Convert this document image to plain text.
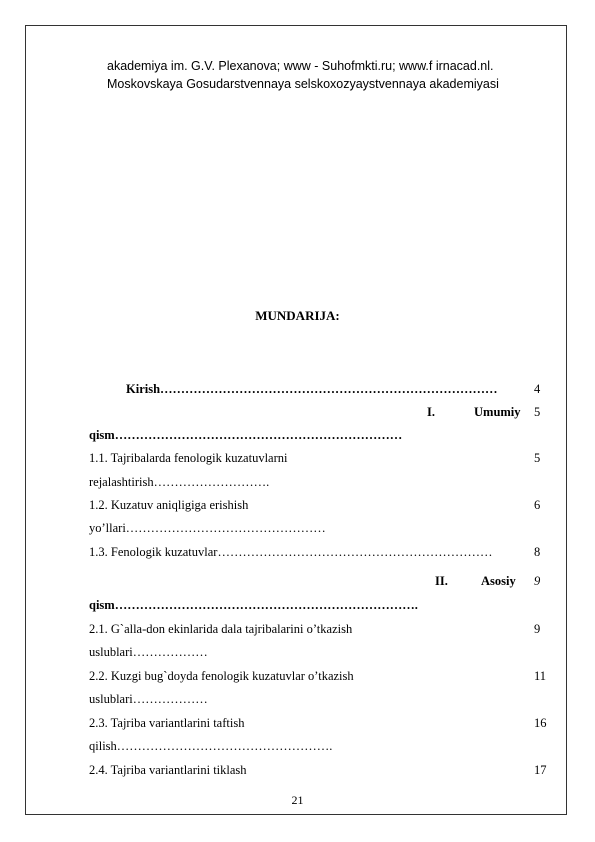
akademiya im. G.V. Plexanova; www - Suhofmkti.ru; www.f irnacad.nl.
Moskovskaya Gosudarstvennaya selskoxozyaystvennaya akademiyasi
MUNDARIJA:
Kirish………………………………………………………………………	4
I.	Umumiy 5
qism……………………………………………………………
1.1. Tajribalarda fenologik kuzatuvlarni	5
rejalashtirish……………………….
1.2. Kuzatuv aniqligiga erishish	6
yo’llari…………………………………………
1.3. Fenologik kuzatuvlar…………………………………………………………	8
II.	Asosiy 9
qism……………………………………………………………….
2.1. G`alla-don ekinlarida dala tajribalarini o’tkazish	9
uslublari………………
2.2. Kuzgi bug`doyda fenologik kuzatuvlar o’tkazish	11
uslublari………………
2.3. Tajriba variantlarini taftish	16
qilish…………………………………………….
2.4. Tajriba variantlarini tiklash	17
21
